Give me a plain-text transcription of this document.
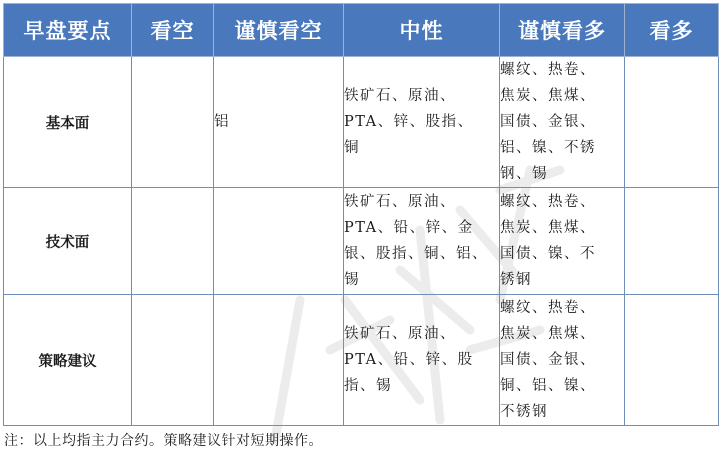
早盘要点	看空	谨慎看空	中性	谨慎看多	看多
基本面		铝	铁矿石、原油、
PTA、锌、股指、
铜	螺纹、热卷、
焦炭、焦煤、
国债、金银、
铝、镍、不锈
钢、锡	

技术面			铁矿石、原油、
PTA、铅、锌、金
银、股指、铜、铝、
锡	螺纹、热卷、
焦炭、焦煤、
国债、镍、不
锈钢	

策略建议			铁矿石、原油、
PTA、铅、锌、股
指、锡	螺纹、热卷、
焦炭、焦煤、
国债、金银、
铜、铝、镍、
不锈钢	

注：以上均指主力合约。策略建议针对短期操作。
